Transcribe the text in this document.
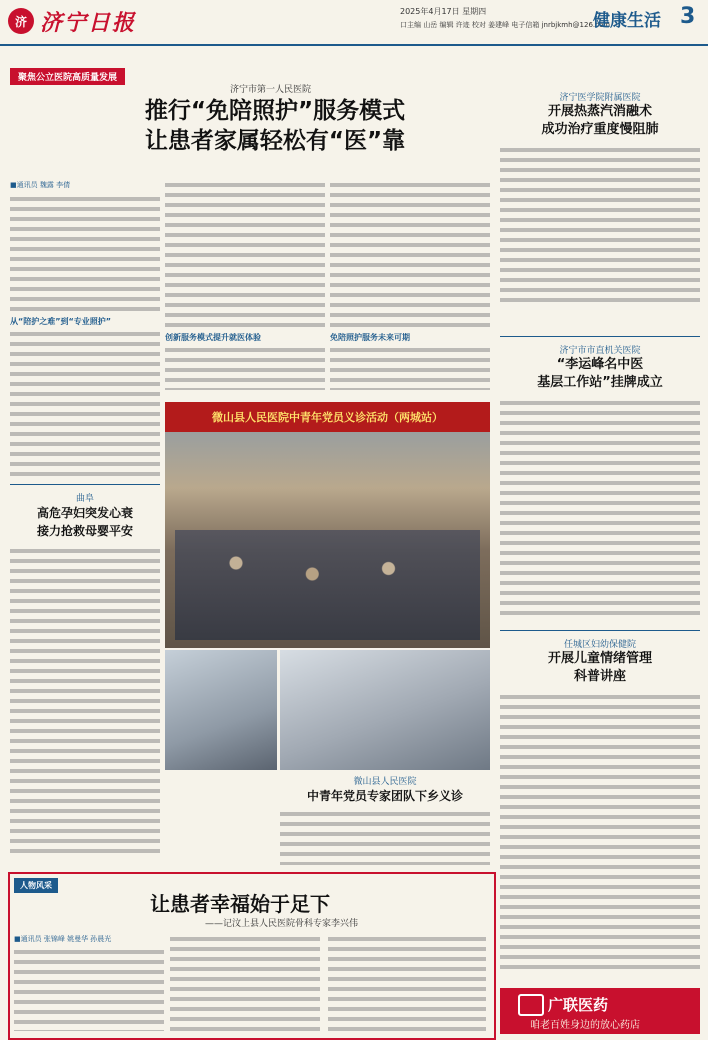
济 济宁日报	2025年4月17日 星期四
口主编 山岳 编辑 许迹 校对 姜建峰 电子信箱 jnrbjkmh@126.com
健康生活 3
聚焦公立医院高质量发展
济宁市第一人民医院
推行“免陪照护”服务模式
让患者家属轻松有“医”靠
■通讯员 魏露 李倩
从“陪护之难”到“专业照护”
创新服务模式提升就医体验	免陪照护服务未来可期
曲阜
高危孕妇突发心衰
接力抢救母婴平安
微山县人民医院中青年党员义诊活动（两城站）
微山县人民医院
中青年党员专家团队下乡义诊
人物风采
让患者幸福始于足下
——记汶上县人民医院骨科专家李兴伟
■通讯员 张锦峰 姚曼华 孙晨光
济宁医学院附属医院
开展热蒸汽消融术
成功治疗重度慢阻肺
济宁市市直机关医院
“李运峰名中医
基层工作站”挂牌成立
任城区妇幼保健院
开展儿童情绪管理
科普讲座
广联医药
咱老百姓身边的放心药店
